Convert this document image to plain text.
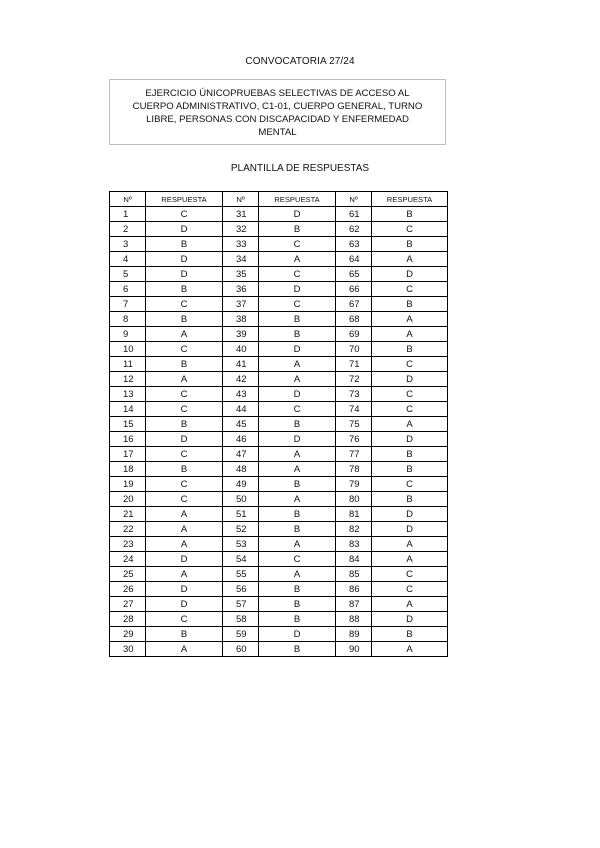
CONVOCATORIA 27/24
EJERCICIO ÚNICOPRUEBAS SELECTIVAS DE ACCESO AL
CUERPO ADMINISTRATIVO, C1-01, CUERPO GENERAL, TURNO
LIBRE, PERSONAS CON DISCAPACIDAD Y ENFERMEDAD
MENTAL
PLANTILLA DE RESPUESTAS
Nº	RESPUESTA	Nº	RESPUESTA	Nº	RESPUESTA
1	C	31	D	61	B
2	D	32	B	62	C
3	B	33	C	63	B
4	D	34	A	64	A
5	D	35	C	65	D
6	B	36	D	66	C
7	C	37	C	67	B
8	B	38	B	68	A
9	A	39	B	69	A
10	C	40	D	70	B
11	B	41	A	71	C
12	A	42	A	72	D
13	C	43	D	73	C
14	C	44	C	74	C
15	B	45	B	75	A
16	D	46	D	76	D
17	C	47	A	77	B
18	B	48	A	78	B
19	C	49	B	79	C
20	C	50	A	80	B
21	A	51	B	81	D
22	A	52	B	82	D
23	A	53	A	83	A
24	D	54	C	84	A
25	A	55	A	85	C
26	D	56	B	86	C
27	D	57	B	87	A
28	C	58	B	88	D
29	B	59	D	89	B
30	A	60	B	90	A
